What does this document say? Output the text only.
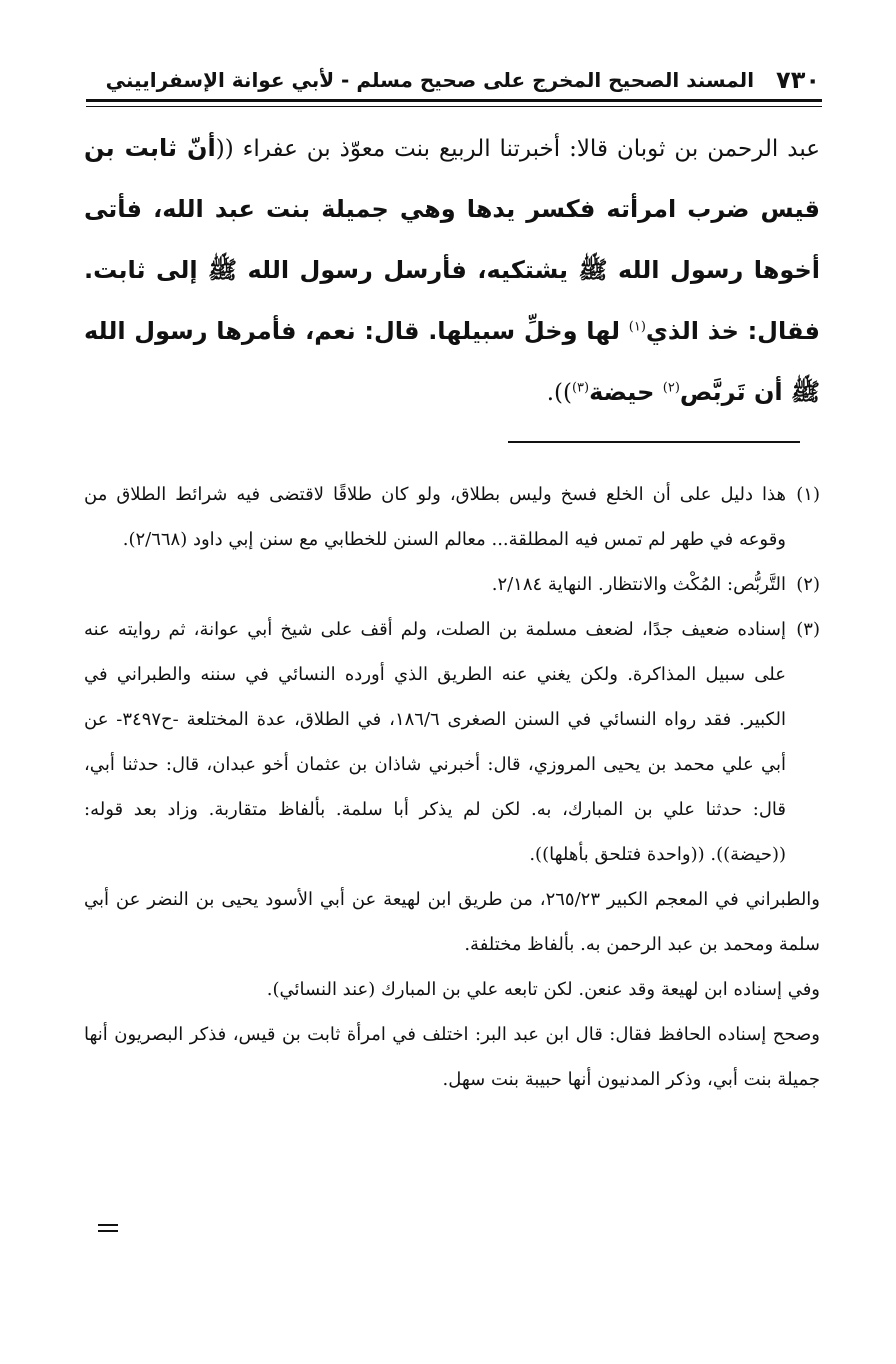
٧٣٠
المسند الصحيح المخرج على صحيح مسلم - لأبي عوانة الإسفراييني
عبد الرحمن بن ثوبان قالا: أخبرتنا الربيع بنت معوّذ بن عفراء ((أنّ ثابت بن قيس ضرب امرأته فكسر يدها وهي جميلة بنت عبد الله، فأتى أخوها رسول الله ﷺ يشتكيه، فأرسل رسول الله ﷺ إلى ثابت. فقال: خذ الذي$^{(١)}$ لها وخلِّ سبيلها. قال: نعم، فأمرها رسول الله ﷺ أن تَربَّص$^{(٢)}$ حيضة$^{(٣)}$)).
(١)
هذا دليل على أن الخلع فسخ وليس بطلاق، ولو كان طلاقًا لاقتضى فيه شرائط الطلاق من وقوعه في طهر لم تمس فيه المطلقة... معالم السنن للخطابي مع سنن إبي داود (٢/٦٦٨).
(٢)
التَّربُّص: المُكْث والانتظار. النهاية ٢/١٨٤.
(٣)
إسناده ضعيف جدًا، لضعف مسلمة بن الصلت، ولم أقف على شيخ أبي عوانة، ثم روايته عنه على سبيل المذاكرة. ولكن يغني عنه الطريق الذي أورده النسائي في سننه والطبراني في الكبير. فقد رواه النسائي في السنن الصغرى ١٨٦/٦، في الطلاق، عدة المختلعة -ح٣٤٩٧- عن أبي علي محمد بن يحيى المروزي، قال: أخبرني شاذان بن عثمان أخو عبدان، قال: حدثنا أبي، قال: حدثنا علي بن المبارك، به. لكن لم يذكر أبا سلمة. بألفاظ متقاربة. وزاد بعد قوله: ((حيضة)). ((واحدة فتلحق بأهلها)).
والطبراني في المعجم الكبير ٢٦٥/٢٣، من طريق ابن لهيعة عن أبي الأسود يحيى بن النضر عن أبي سلمة ومحمد بن عبد الرحمن به. بألفاظ مختلفة.
وفي إسناده ابن لهيعة وقد عنعن. لكن تابعه علي بن المبارك (عند النسائي).
وصحح إسناده الحافظ فقال: قال ابن عبد البر: اختلف في امرأة ثابت بن قيس، فذكر البصريون أنها جميلة بنت أبي، وذكر المدنيون أنها حبيبة بنت سهل.
